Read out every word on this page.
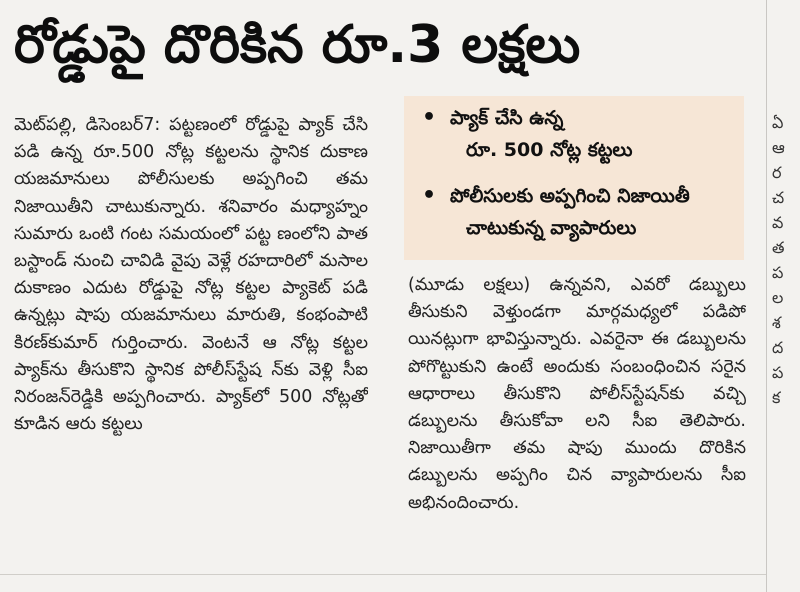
రోడ్డుపై దొరికిన రూ.3 లక్షలు

మెట్‌పల్లి, డిసెంబర్7: పట్టణంలో రోడ్డుపై ప్యాక్ చేసి పడి ఉన్న రూ.500 నోట్ల కట్టలను స్థానిక దుకాణ యజమానులు పోలీసులకు అప్పగించి తమ నిజాయితీని చాటుకున్నారు. శనివారం మధ్యాహ్నం సుమారు ఒంటి గంట సమయంలో పట్ట ణంలోని పాత బస్టాండ్ నుంచి చావిడి వైపు వెళ్లే రహదారిలో మసాల దుకాణం ఎదుట రోడ్డుపై నోట్ల కట్టల ప్యాకెట్ పడి ఉన్నట్లు షాపు యజమానులు మారుతి, కంభంపాటి కిరణ్‌కుమార్ గుర్తించారు. వెంటనే ఆ నోట్ల కట్టల ప్యాక్‌ను తీసుకొని స్థానిక పోలీస్‌స్టేష న్‌కు వెళ్లి సీఐ నిరంజన్‌రెడ్డికి అప్పగించారు. ప్యాక్‌లో 500 నోట్లతో కూడిన ఆరు కట్టలు

• ప్యాక్ చేసి ఉన్న
రూ. 500 నోట్ల కట్టలు
• పోలీసులకు అప్పగించి నిజాయితీ
చాటుకున్న వ్యాపారులు

(మూడు లక్షలు) ఉన్నవని, ఎవరో డబ్బులు తీసుకుని వెళ్తుండగా మార్గమధ్యలో పడిపో యినట్లుగా భావిస్తున్నారు. ఎవరైనా ఈ డబ్బులను పోగొట్టుకుని ఉంటే అందుకు సంబంధించిన సరైన ఆధారాలు తీసుకొని పోలీస్‌స్టేషన్‌కు వచ్చి డబ్బులను తీసుకోవా లని సీఐ తెలిపారు. నిజాయితీగా తమ షాపు ముందు దొరికిన డబ్బులను అప్పగిం చిన వ్యాపారులను సీఐ అభినందించారు.

ఏ
ఆ
ర
చ
వ
త
ప
ల
శ
ద
ప
క
